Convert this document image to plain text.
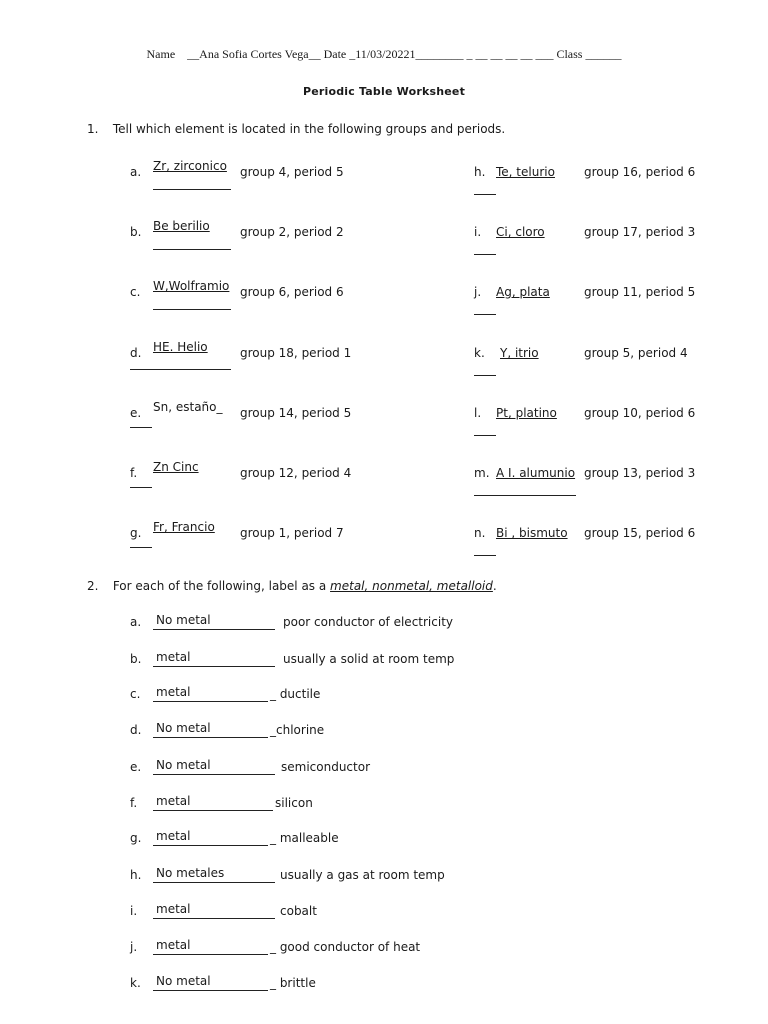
Name    __Ana Sofia Cortes Vega__ Date _11/03/20221________ _ __ __ __ __ ___ Class ______
Periodic Table Worksheet
1. Tell which element is located in the following groups and periods.
a. Zr, zirconico group 4, period 5
b. Be berilio	group 2, period 2
c. W,Wolframio group 6, period 6
d. HE. Helio	group 18, period 1
e. Sn, estaño_ group 14, period 5
f. Zn Cinc	group 12, period 4
g. Fr, Francio group 1, period 7
h. Te, telurio group 16, period 6
i. Ci, cloro	group 17, period 3
j. Ag, plata	group 11, period 5
k. Y, itrio	group 5, period 4
l. Pt, platino group 10, period 6
m. A I. alumunio group 13, period 3
n. Bi , bismuto group 15, period 6
2. For each of the following, label as a metal, nonmetal, metalloid.
a. No metal	poor conductor of electricity
b. metal	usually a solid at room temp
c. metal	_ ductile
d. No metal	_chlorine
e. No metal	semiconductor
f. metal	silicon
g. metal	_ malleable
h. No metales	usually a gas at room temp
i. metal	cobalt
j. metal	_ good conductor of heat
k. No metal	_ brittle
